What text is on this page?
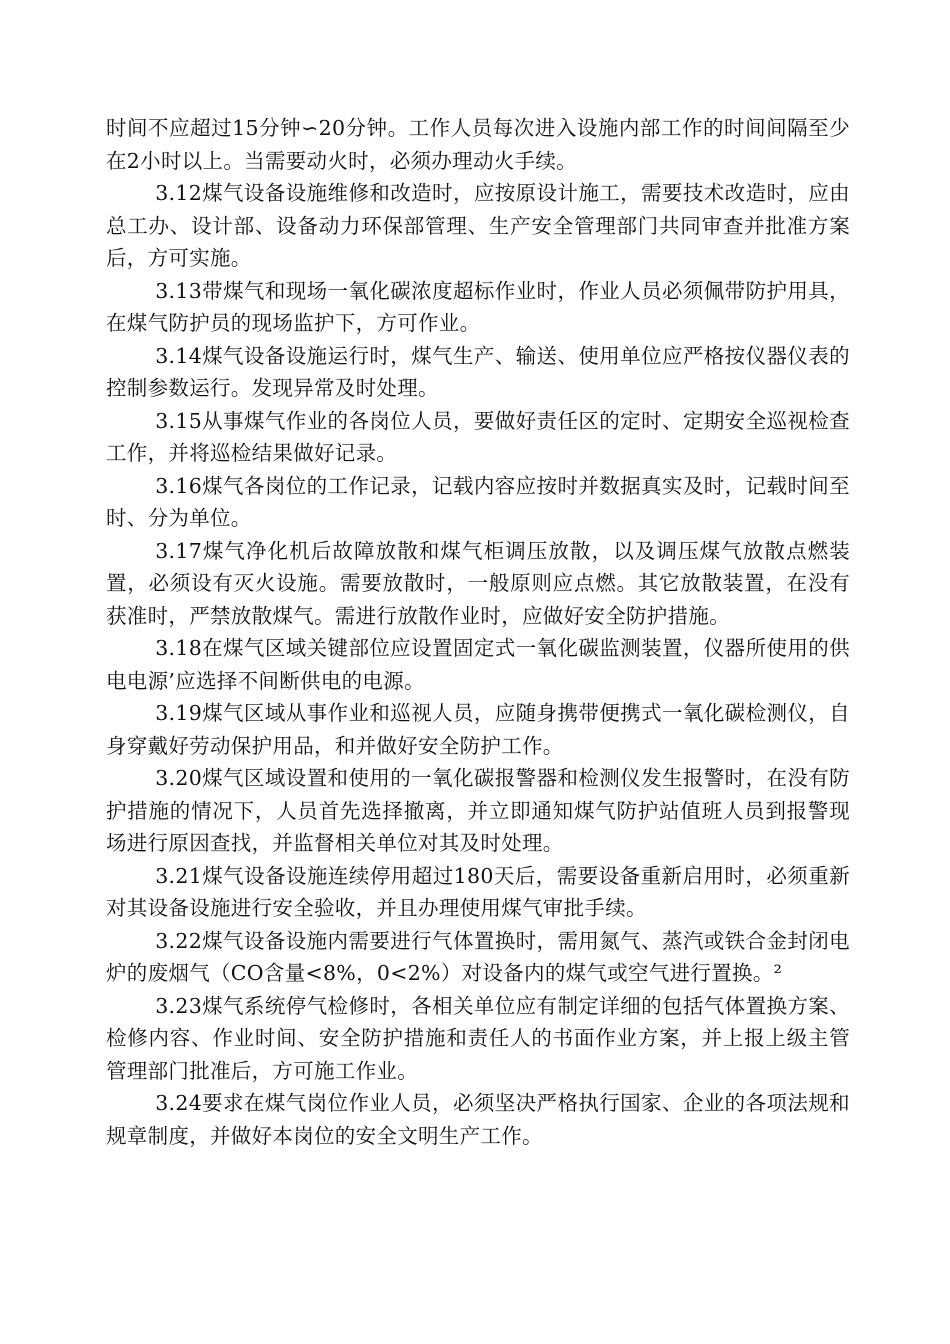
时间不应超过15分钟∽20分钟。工作人员每次进入设施内部工作的时间间隔至少在2小时以上。当需要动火时，必须办理动火手续。

3.12煤气设备设施维修和改造时，应按原设计施工，需要技术改造时，应由总工办、设计部、设备动力环保部管理、生产安全管理部门共同审查并批准方案后，方可实施。

3.13带煤气和现场一氧化碳浓度超标作业时，作业人员必须佩带防护用具，在煤气防护员的现场监护下，方可作业。

3.14煤气设备设施运行时，煤气生产、输送、使用单位应严格按仪器仪表的控制参数运行。发现异常及时处理。

3.15从事煤气作业的各岗位人员，要做好责任区的定时、定期安全巡视检查工作，并将巡检结果做好记录。

3.16煤气各岗位的工作记录，记载内容应按时并数据真实及时，记载时间至时、分为单位。

3.17煤气净化机后故障放散和煤气柜调压放散，以及调压煤气放散点燃装置，必须设有灭火设施。需要放散时，一般原则应点燃。其它放散装置，在没有获准时，严禁放散煤气。需进行放散作业时，应做好安全防护措施。

3.18在煤气区域关键部位应设置固定式一氧化碳监测装置，仪器所使用的供电电源’应选择不间断供电的电源。

3.19煤气区域从事作业和巡视人员，应随身携带便携式一氧化碳检测仪，自身穿戴好劳动保护用品，和并做好安全防护工作。

3.20煤气区域设置和使用的一氧化碳报警器和检测仪发生报警时，在没有防护措施的情况下，人员首先选择撤离，并立即通知煤气防护站值班人员到报警现场进行原因查找，并监督相关单位对其及时处理。

3.21煤气设备设施连续停用超过180天后，需要设备重新启用时，必须重新对其设备设施进行安全验收，并且办理使用煤气审批手续。

3.22煤气设备设施内需要进行气体置换时，需用氮气、蒸汽或铁合金封闭电炉的废烟气（CO含量<8%，0<2%）对设备内的煤气或空气进行置换。²

3.23煤气系统停气检修时，各相关单位应有制定详细的包括气体置换方案、检修内容、作业时间、安全防护措施和责任人的书面作业方案，并上报上级主管管理部门批准后，方可施工作业。

3.24要求在煤气岗位作业人员，必须坚决严格执行国家、企业的各项法规和规章制度，并做好本岗位的安全文明生产工作。
